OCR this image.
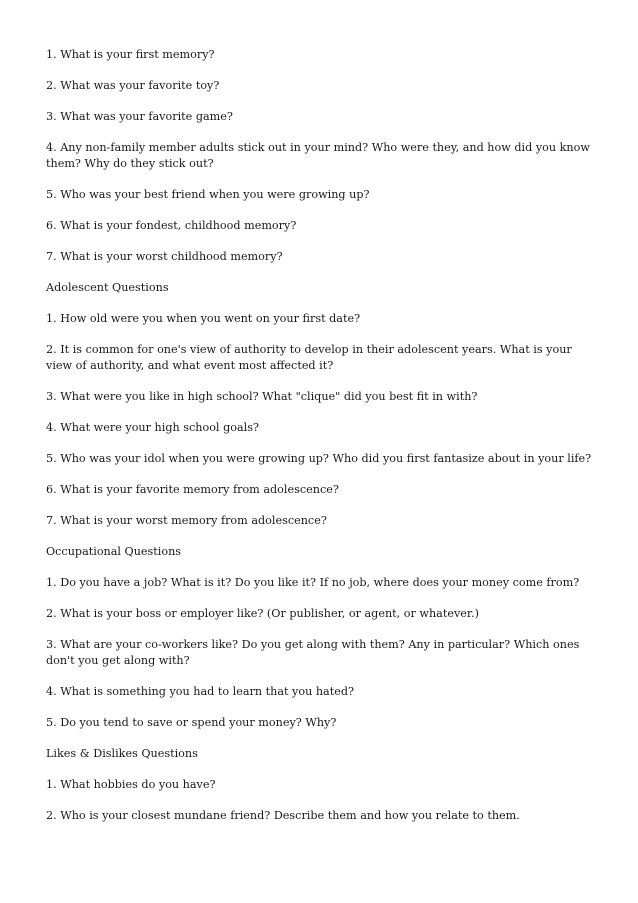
1. What is your first memory?

2. What was your favorite toy?

3. What was your favorite game?

4. Any non-family member adults stick out in your mind? Who were they, and how did you know them? Why do they stick out?

5. Who was your best friend when you were growing up?

6. What is your fondest, childhood memory?

7. What is your worst childhood memory?

Adolescent Questions

1. How old were you when you went on your first date?

2. It is common for one's view of authority to develop in their adolescent years. What is your view of authority, and what event most affected it?

3. What were you like in high school? What "clique" did you best fit in with?

4. What were your high school goals?

5. Who was your idol when you were growing up? Who did you first fantasize about in your life?

6. What is your favorite memory from adolescence?

7. What is your worst memory from adolescence?

Occupational Questions

1. Do you have a job? What is it? Do you like it? If no job, where does your money come from?

2. What is your boss or employer like? (Or publisher, or agent, or whatever.)

3. What are your co-workers like? Do you get along with them? Any in particular? Which ones don't you get along with?

4. What is something you had to learn that you hated?

5. Do you tend to save or spend your money? Why?

Likes & Dislikes Questions

1. What hobbies do you have?

2. Who is your closest mundane friend? Describe them and how you relate to them.
